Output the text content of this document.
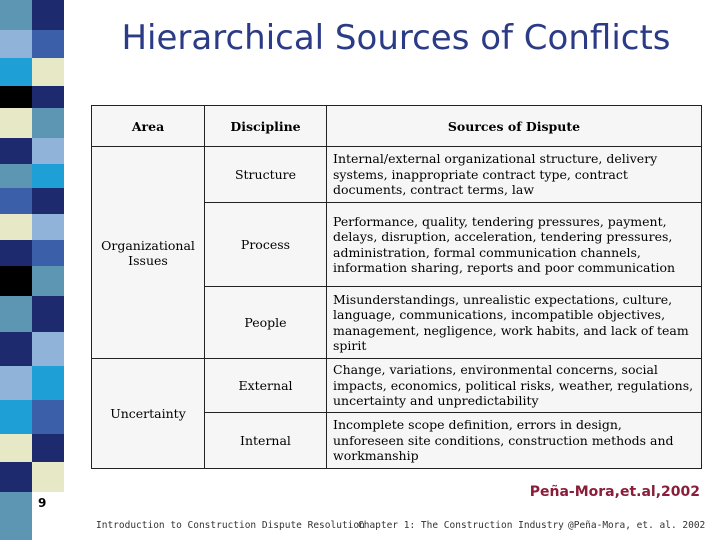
Hierarchical Sources of Conflicts
Area	Discipline	Sources of Dispute
Organizational Issues	Structure	Internal/external organizational structure, delivery systems, inappropriate contract type, contract documents, contract terms, law
	Process	Performance, quality, tendering pressures, payment, delays, disruption, acceleration, tendering pressures, administration, formal communication channels, information sharing, reports and poor communication
	People	Misunderstandings, unrealistic expectations, culture, language, communications, incompatible objectives, management, negligence, work habits, and lack of team spirit
Uncertainty	External	Change, variations, environmental concerns, social impacts, economics, political risks, weather, regulations, uncertainty and unpredictability
	Internal	Incomplete scope definition, errors in design, unforeseen site conditions, construction methods and workmanship
Peña-Mora,et.al,2002
9
Introduction to Construction Dispute Resolution
Chapter 1: The Construction Industry @Peña-Mora, et. al. 2002
